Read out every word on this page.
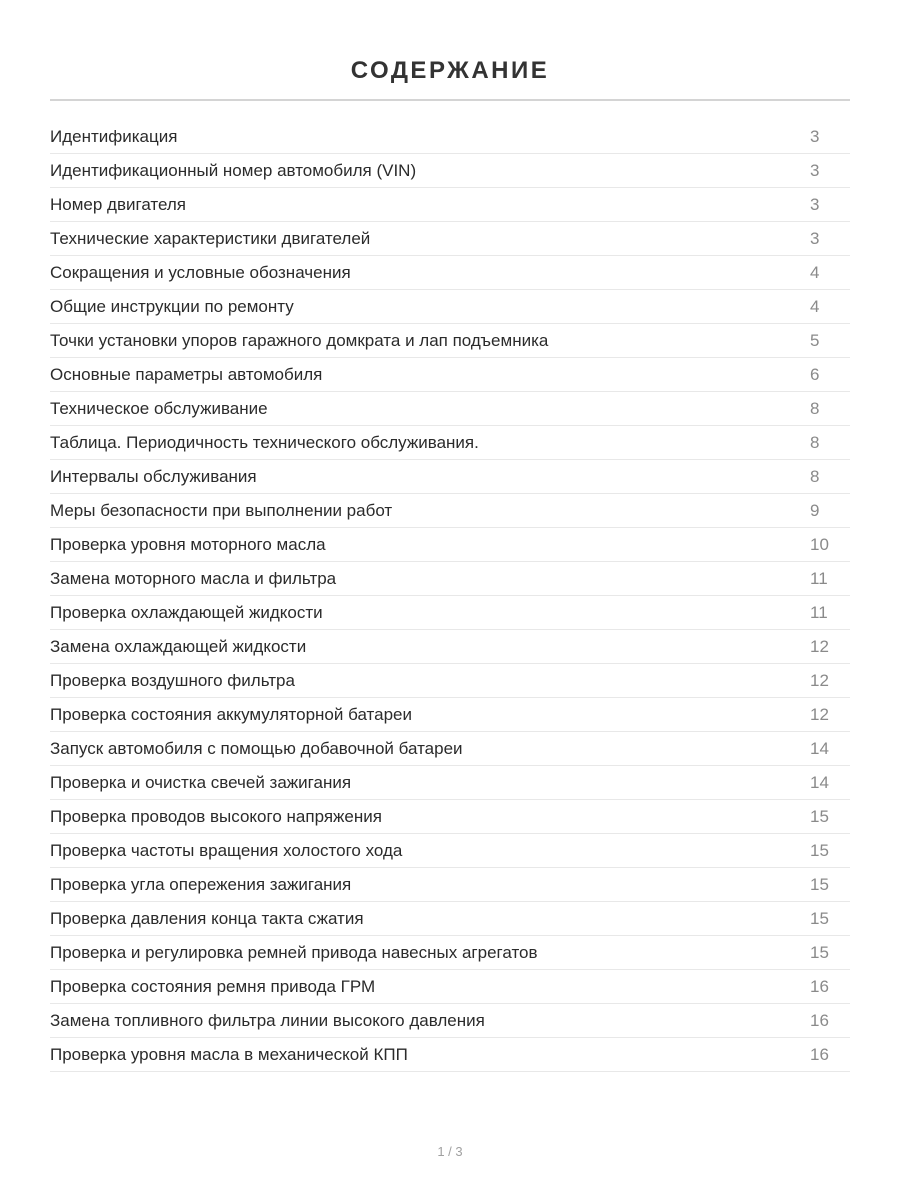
СОДЕРЖАНИЕ
Идентификация	3
Идентификационный номер автомобиля (VIN)	3
Номер двигателя	3
Технические характеристики двигателей	3
Сокращения и условные обозначения	4
Общие инструкции по ремонту	4
Точки установки упоров гаражного домкрата и лап подъемника	5
Основные параметры автомобиля	6
Техническое обслуживание	8
Таблица. Периодичность технического обслуживания.	8
Интервалы обслуживания	8
Меры безопасности при выполнении работ	9
Проверка уровня моторного масла	10
Замена моторного масла и фильтра	11
Проверка охлаждающей жидкости	11
Замена охлаждающей жидкости	12
Проверка воздушного фильтра	12
Проверка состояния аккумуляторной батареи	12
Запуск автомобиля с помощью добавочной батареи	14
Проверка и очистка свечей зажигания	14
Проверка проводов высокого напряжения	15
Проверка частоты вращения холостого хода	15
Проверка угла опережения зажигания	15
Проверка давления конца такта сжатия	15
Проверка и регулировка ремней привода навесных агрегатов	15
Проверка состояния ремня привода ГРМ	16
Замена топливного фильтра линии высокого давления	16
Проверка уровня масла в механической КПП	16
1 / 3
